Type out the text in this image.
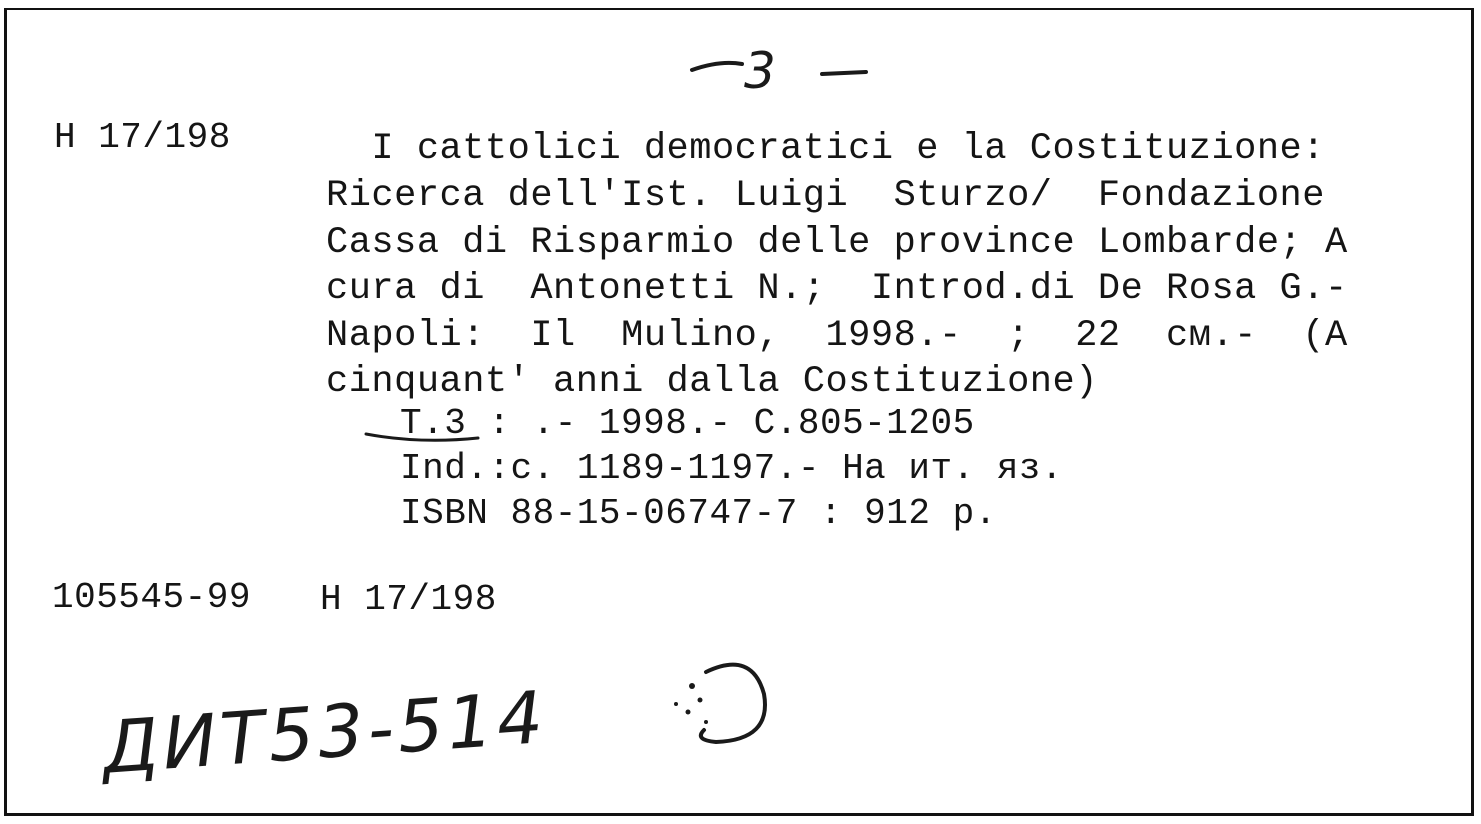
3
H 17/198	I cattolici democratici e la Costituzione:
Ricerca dell'Ist. Luigi  Sturzo/  Fondazione
Cassa di Risparmio delle province Lombarde; A
cura di  Antonetti N.;  Introd.di De Rosa G.-
Napoli:  Il  Mulino,  1998.-  ;  22  см.-  (A
cinquant' anni dalla Costituzione)
T.3 : .- 1998.- C.805-1205
Ind.:c. 1189-1197.- На ит. яз.
ISBN 88-15-06747-7 : 912 p.
105545-99 H 17/198
ДИТ53-514
